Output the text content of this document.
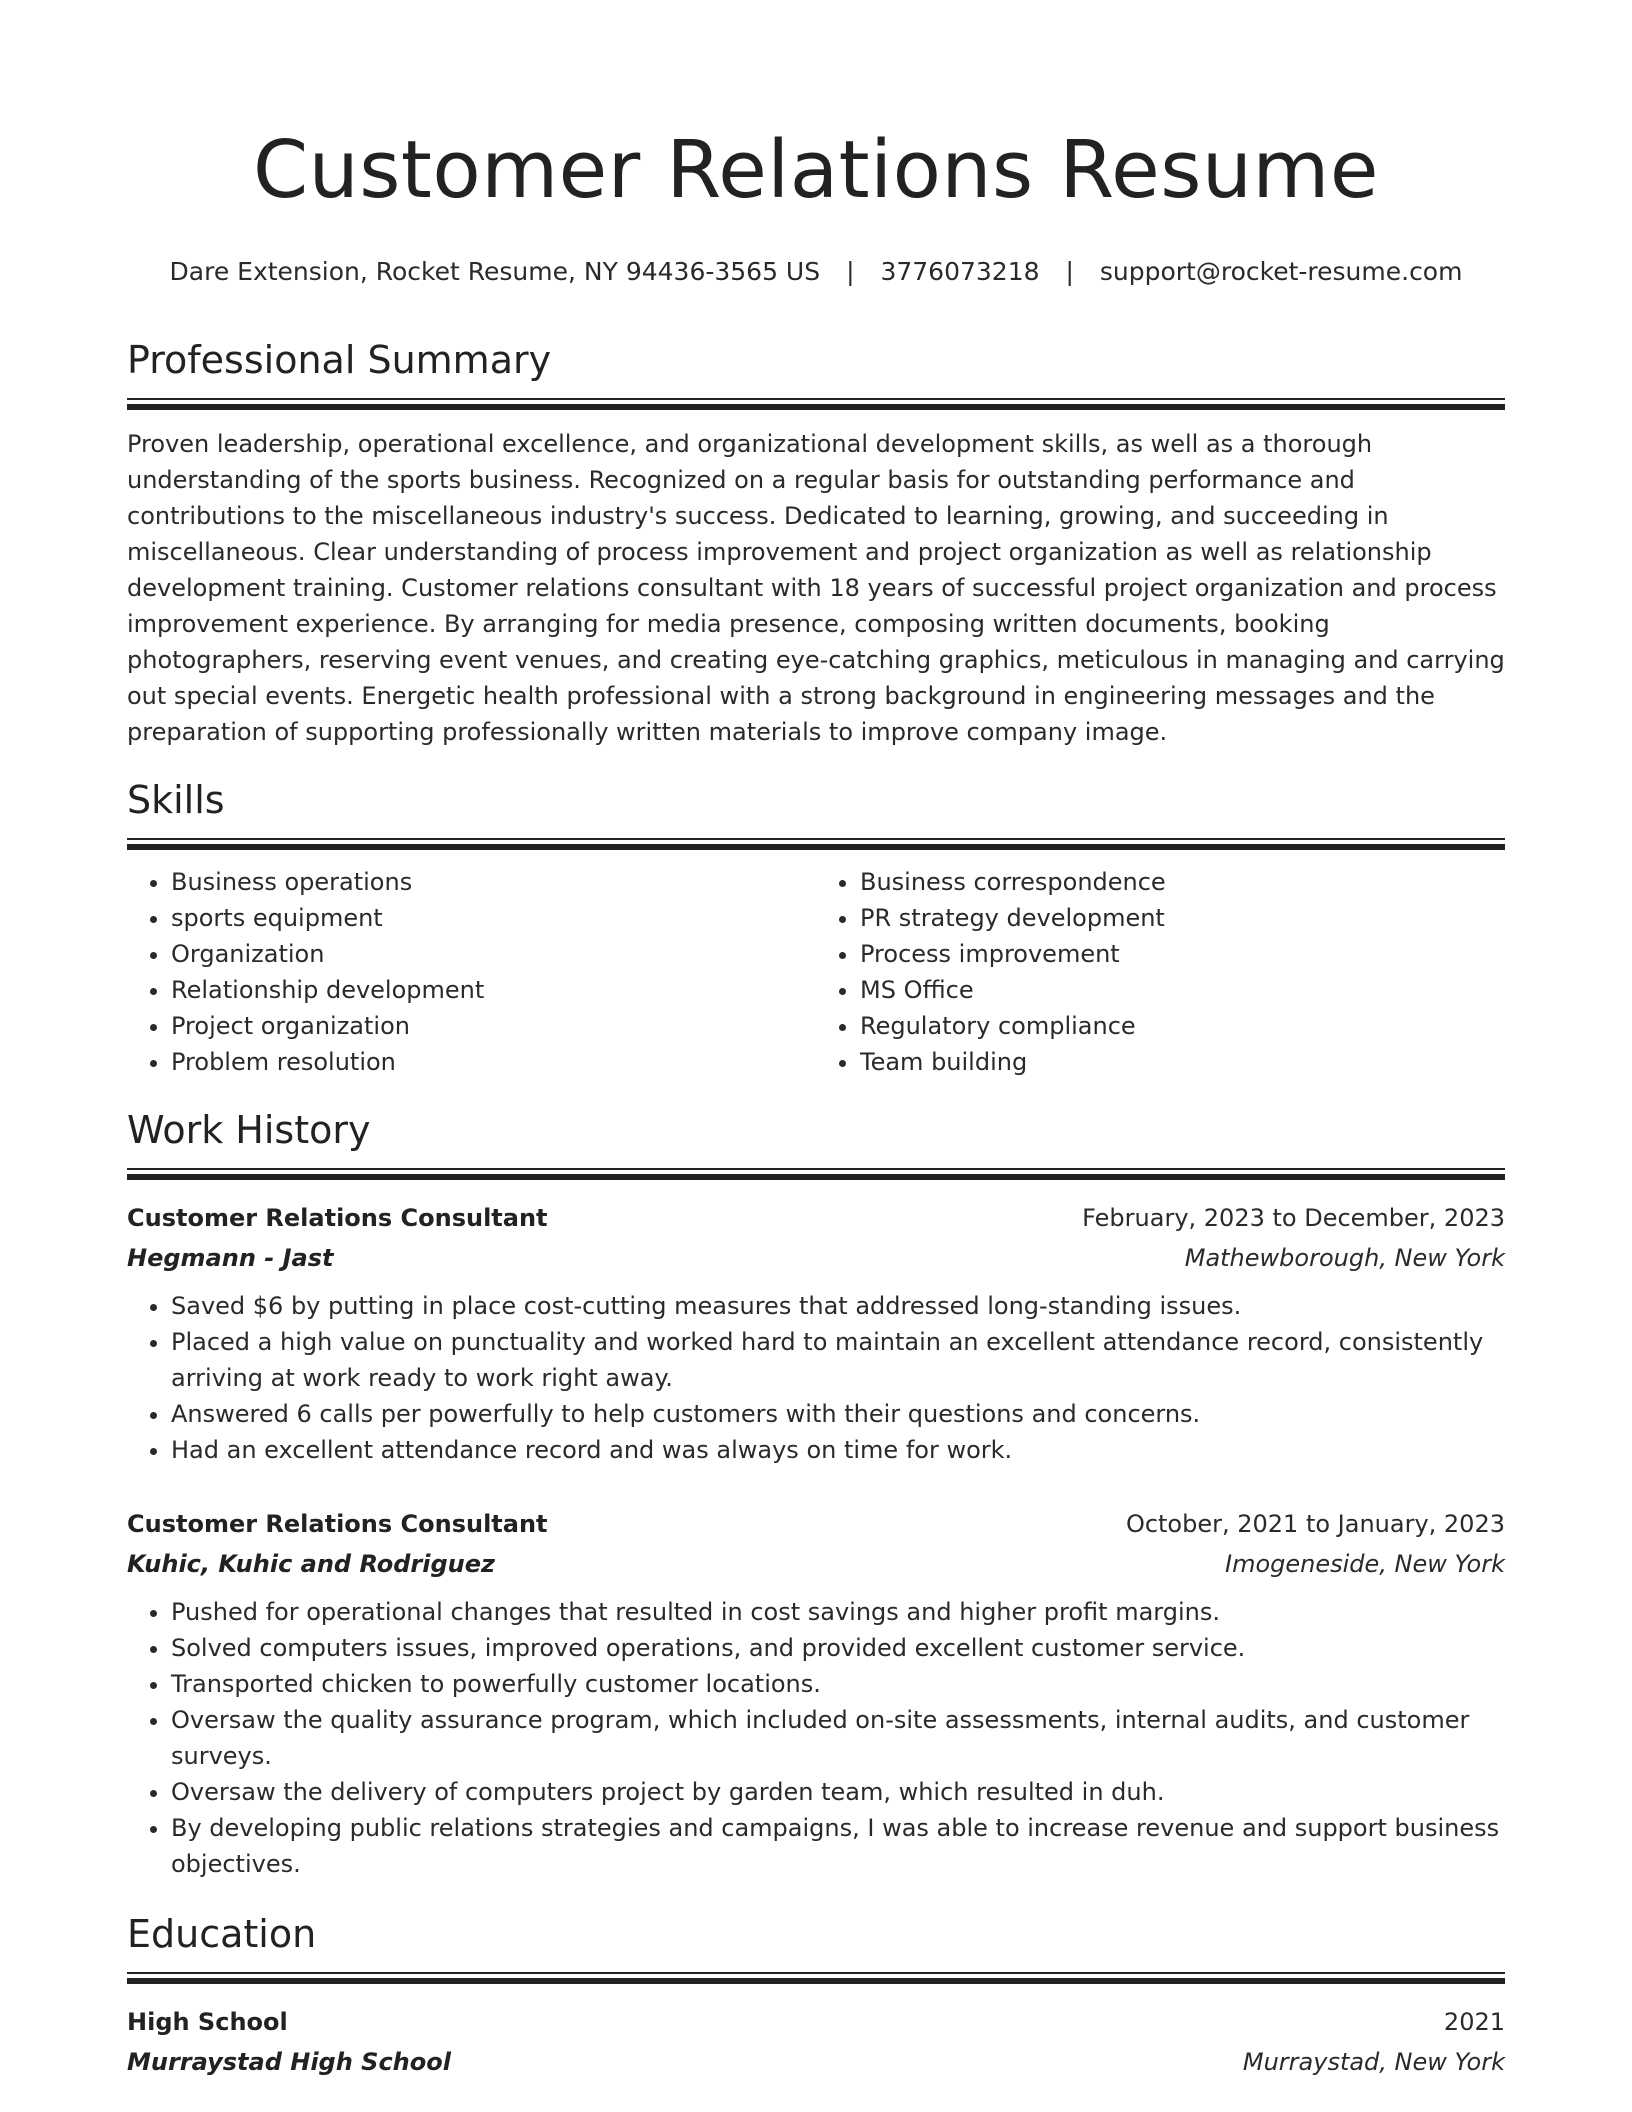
Customer Relations Resume
Dare Extension, Rocket Resume, NY 94436-3565 US | 3776073218 | support@rocket-resume.com
Professional Summary

Proven leadership, operational excellence, and organizational development skills, as well as a thorough understanding of the sports business. Recognized on a regular basis for outstanding performance and contributions to the miscellaneous industry's success. Dedicated to learning, growing, and succeeding in miscellaneous. Clear understanding of process improvement and project organization as well as relationship development training. Customer relations consultant with 18 years of successful project organization and process improvement experience. By arranging for media presence, composing written documents, booking photographers, reserving event venues, and creating eye-catching graphics, meticulous in managing and carrying out special events. Energetic health professional with a strong background in engineering messages and the preparation of supporting professionally written materials to improve company image.

Skills
• Business operations
• sports equipment
• Organization
• Relationship development
• Project organization
• Problem resolution
• Business correspondence
• PR strategy development
• Process improvement
• MS Office
• Regulatory compliance
• Team building
Work History
Customer Relations Consultant	February, 2023 to December, 2023
Hegmann - Jast	Mathewborough, New York
• Saved $6 by putting in place cost-cutting measures that addressed long-standing issues.
• Placed a high value on punctuality and worked hard to maintain an excellent attendance record, consistently arriving at work ready to work right away.
• Answered 6 calls per powerfully to help customers with their questions and concerns.
• Had an excellent attendance record and was always on time for work.
Customer Relations Consultant	October, 2021 to January, 2023
Kuhic, Kuhic and Rodriguez	Imogeneside, New York
• Pushed for operational changes that resulted in cost savings and higher profit margins.
• Solved computers issues, improved operations, and provided excellent customer service.
• Transported chicken to powerfully customer locations.
• Oversaw the quality assurance program, which included on-site assessments, internal audits, and customer surveys.
• Oversaw the delivery of computers project by garden team, which resulted in duh.
• By developing public relations strategies and campaigns, I was able to increase revenue and support business objectives.
Education
High School	2021
Murraystad High School	Murraystad, New York
